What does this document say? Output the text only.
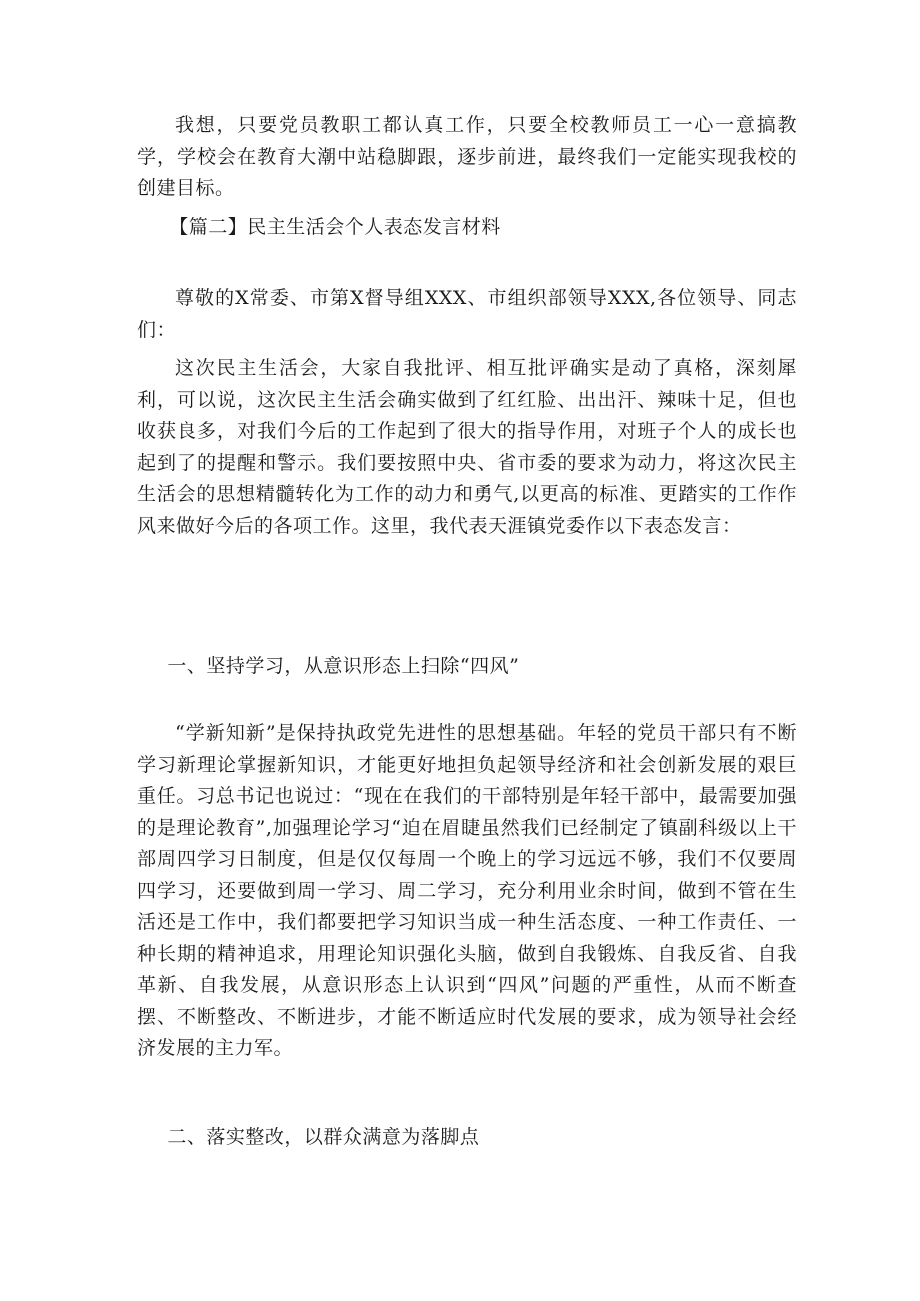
我想，只要党员教职工都认真工作，只要全校教师员工一心一意搞教学，学校会在教育大潮中站稳脚跟，逐步前进，最终我们一定能实现我校的创建目标。

【篇二】民主生活会个人表态发言材料

尊敬的X常委、市第X督导组XXX、市组织部领导XXX,各位领导、同志们：

这次民主生活会，大家自我批评、相互批评确实是动了真格，深刻犀利，可以说，这次民主生活会确实做到了红红脸、出出汗、辣味十足，但也收获良多，对我们今后的工作起到了很大的指导作用，对班子个人的成长也起到了的提醒和警示。我们要按照中央、省市委的要求为动力，将这次民主生活会的思想精髓转化为工作的动力和勇气,以更高的标准、更踏实的工作作风来做好今后的各项工作。这里，我代表天涯镇党委作以下表态发言：

一、坚持学习，从意识形态上扫除“四风”

“学新知新”是保持执政党先进性的思想基础。年轻的党员干部只有不断学习新理论掌握新知识，才能更好地担负起领导经济和社会创新发展的艰巨重任。习总书记也说过：“现在在我们的干部特别是年轻干部中，最需要加强的是理论教育”,加强理论学习“迫在眉睫虽然我们已经制定了镇副科级以上干部周四学习日制度，但是仅仅每周一个晚上的学习远远不够，我们不仅要周四学习，还要做到周一学习、周二学习，充分利用业余时间，做到不管在生活还是工作中，我们都要把学习知识当成一种生活态度、一种工作责任、一种长期的精神追求，用理论知识强化头脑，做到自我锻炼、自我反省、自我革新、自我发展，从意识形态上认识到“四风”问题的严重性，从而不断查摆、不断整改、不断进步，才能不断适应时代发展的要求，成为领导社会经济发展的主力军。

二、落实整改，以群众满意为落脚点
